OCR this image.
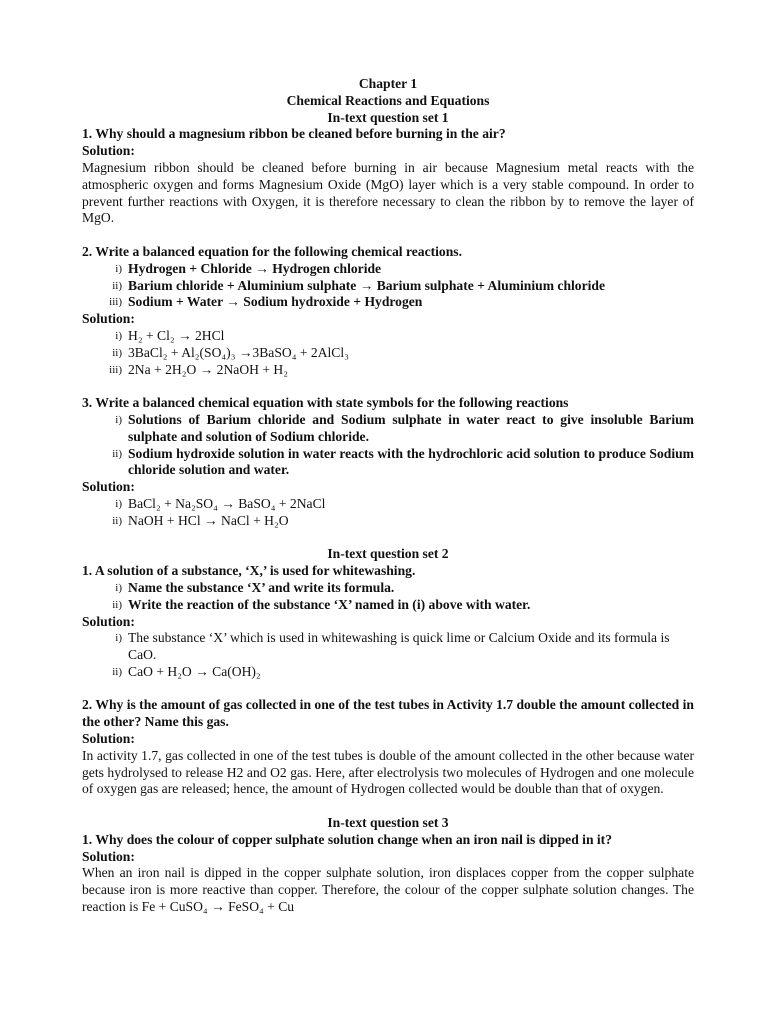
Chapter 1
Chemical Reactions and Equations
In-text question set 1
1. Why should a magnesium ribbon be cleaned before burning in the air?
Solution:
Magnesium ribbon should be cleaned before burning in air because Magnesium metal reacts with the atmospheric oxygen and forms Magnesium Oxide (MgO) layer which is a very stable compound. In order to prevent further reactions with Oxygen, it is therefore necessary to clean the ribbon by to remove the layer of MgO.
2. Write a balanced equation for the following chemical reactions.
i) Hydrogen + Chloride → Hydrogen chloride
ii) Barium chloride + Aluminium sulphate → Barium sulphate + Aluminium chloride
iii) Sodium + Water → Sodium hydroxide + Hydrogen
Solution:
i) H₂ + Cl₂ → 2HCl
ii) 3BaCl₂ + Al₂(SO₄)₃ →3BaSO₄ + 2AlCl₃
iii) 2Na + 2H₂O → 2NaOH + H₂
3. Write a balanced chemical equation with state symbols for the following reactions
i) Solutions of Barium chloride and Sodium sulphate in water react to give insoluble Barium sulphate and solution of Sodium chloride.
ii) Sodium hydroxide solution in water reacts with the hydrochloric acid solution to produce Sodium chloride solution and water.
Solution:
i) BaCl₂ + Na₂SO₄ → BaSO₄ + 2NaCl
ii) NaOH + HCl → NaCl + H₂O
In-text question set 2
1. A solution of a substance, ‘X,’ is used for whitewashing.
i) Name the substance ‘X’ and write its formula.
ii) Write the reaction of the substance ‘X’ named in (i) above with water.
Solution:
i) The substance ‘X’ which is used in whitewashing is quick lime or Calcium Oxide and its formula is CaO.
ii) CaO + H₂O → Ca(OH)₂
2. Why is the amount of gas collected in one of the test tubes in Activity 1.7 double the amount collected in the other? Name this gas.
Solution:
In activity 1.7, gas collected in one of the test tubes is double of the amount collected in the other because water gets hydrolysed to release H2 and O2 gas. Here, after electrolysis two molecules of Hydrogen and one molecule of oxygen gas are released; hence, the amount of Hydrogen collected would be double than that of oxygen.
In-text question set 3
1. Why does the colour of copper sulphate solution change when an iron nail is dipped in it?
Solution:
When an iron nail is dipped in the copper sulphate solution, iron displaces copper from the copper sulphate because iron is more reactive than copper. Therefore, the colour of the copper sulphate solution changes. The reaction is Fe + CuSO₄ → FeSO₄ + Cu
